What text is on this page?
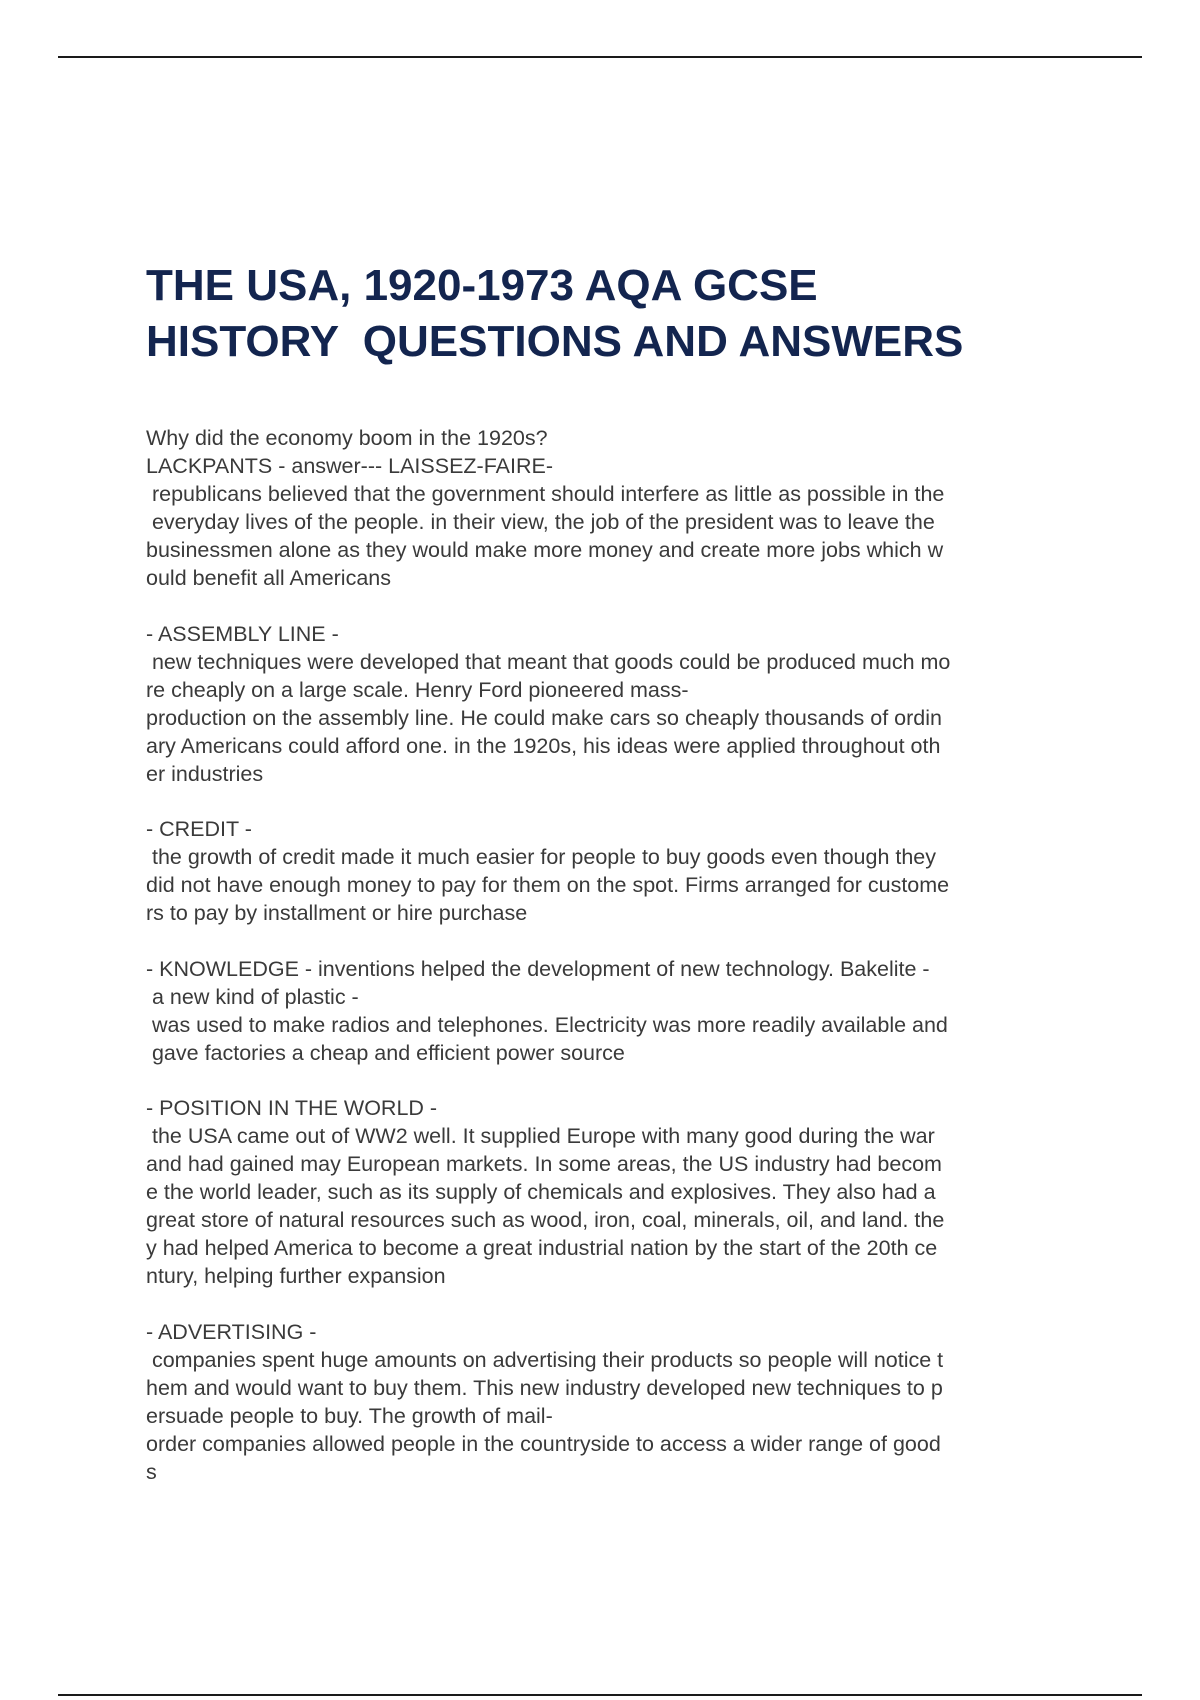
THE USA, 1920-1973 AQA GCSE
HISTORY  QUESTIONS AND ANSWERS
Why did the economy boom in the 1920s?
LACKPANTS - answer--- LAISSEZ-FAIRE-
republicans believed that the government should interfere as little as possible in the
everyday lives of the people. in their view, the job of the president was to leave the
businessmen alone as they would make more money and create more jobs which w
ould benefit all Americans
- ASSEMBLY LINE -
new techniques were developed that meant that goods could be produced much mo
re cheaply on a large scale. Henry Ford pioneered mass-
production on the assembly line. He could make cars so cheaply thousands of ordin
ary Americans could afford one. in the 1920s, his ideas were applied throughout oth
er industries
- CREDIT -
the growth of credit made it much easier for people to buy goods even though they
did not have enough money to pay for them on the spot. Firms arranged for custome
rs to pay by installment or hire purchase
- KNOWLEDGE - inventions helped the development of new technology. Bakelite -
a new kind of plastic -
was used to make radios and telephones. Electricity was more readily available and
gave factories a cheap and efficient power source
- POSITION IN THE WORLD -
the USA came out of WW2 well. It supplied Europe with many good during the war
and had gained may European markets. In some areas, the US industry had becom
e the world leader, such as its supply of chemicals and explosives. They also had a
great store of natural resources such as wood, iron, coal, minerals, oil, and land. the
y had helped America to become a great industrial nation by the start of the 20th ce
ntury, helping further expansion
- ADVERTISING -
companies spent huge amounts on advertising their products so people will notice t
hem and would want to buy them. This new industry developed new techniques to p
ersuade people to buy. The growth of mail-
order companies allowed people in the countryside to access a wider range of good
s
